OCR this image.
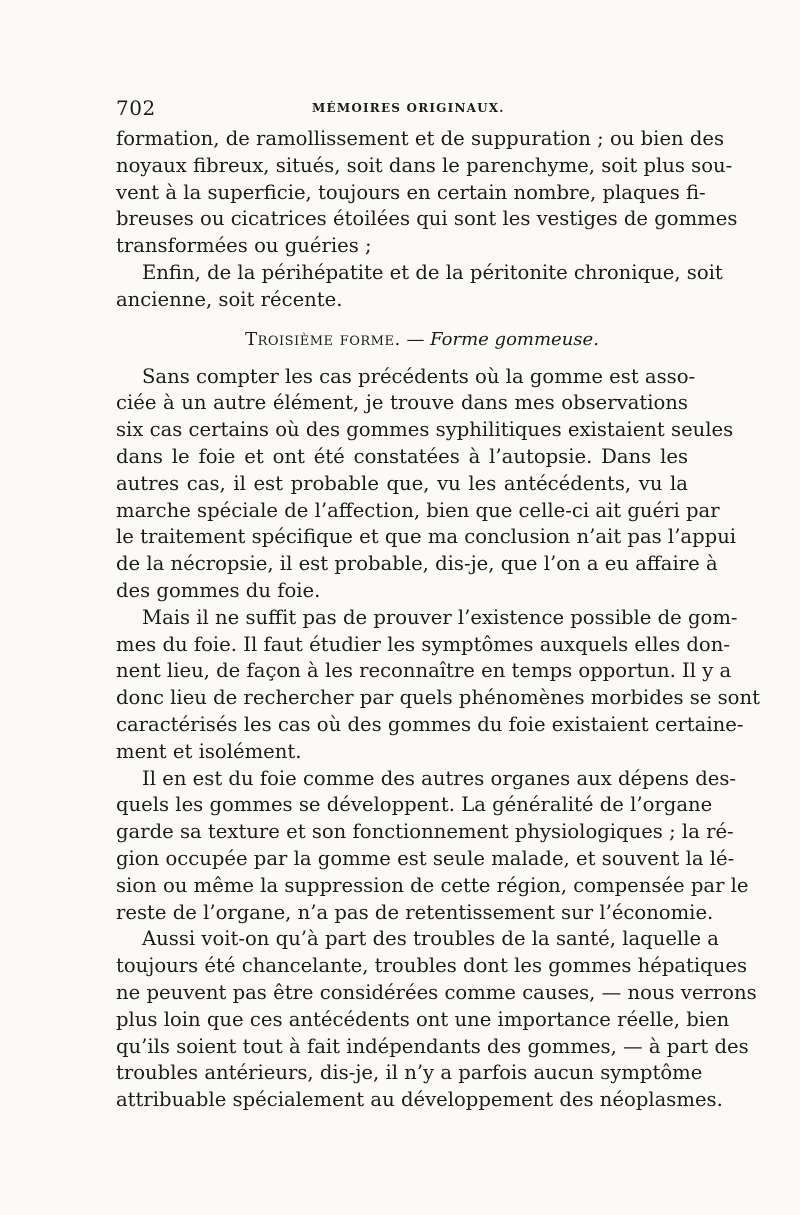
702	MÉMOIRES ORIGINAUX.

formation, de ramollissement et de suppuration ; ou bien des
noyaux fibreux, situés, soit dans le parenchyme, soit plus sou-
vent à la superficie, toujours en certain nombre, plaques fi-
breuses ou cicatrices étoilées qui sont les vestiges de gommes
transformées ou guéries ;
Enfin, de la périhépatite et de la péritonite chronique, soit
ancienne, soit récente.

Troisième forme. — Forme gommeuse.

Sans compter les cas précédents où la gomme est asso-
ciée à un autre élément, je trouve dans mes observations
six cas certains où des gommes syphilitiques existaient seules
dans le foie et ont été constatées à l’autopsie. Dans les
autres cas, il est probable que, vu les antécédents, vu la
marche spéciale de l’affection, bien que celle-ci ait guéri par
le traitement spécifique et que ma conclusion n’ait pas l’appui
de la nécropsie, il est probable, dis-je, que l’on a eu affaire à
des gommes du foie.
Mais il ne suffit pas de prouver l’existence possible de gom-
mes du foie. Il faut étudier les symptômes auxquels elles don-
nent lieu, de façon à les reconnaître en temps opportun. Il y a
donc lieu de rechercher par quels phénomènes morbides se sont
caractérisés les cas où des gommes du foie existaient certaine-
ment et isolément.
Il en est du foie comme des autres organes aux dépens des-
quels les gommes se développent. La généralité de l’organe
garde sa texture et son fonctionnement physiologiques ; la ré-
gion occupée par la gomme est seule malade, et souvent la lé-
sion ou même la suppression de cette région, compensée par le
reste de l’organe, n’a pas de retentissement sur l’économie.
Aussi voit-on qu’à part des troubles de la santé, laquelle a
toujours été chancelante, troubles dont les gommes hépatiques
ne peuvent pas être considérées comme causes, — nous verrons
plus loin que ces antécédents ont une importance réelle, bien
qu’ils soient tout à fait indépendants des gommes, — à part des
troubles antérieurs, dis-je, il n’y a parfois aucun symptôme
attribuable spécialement au développement des néoplasmes.
